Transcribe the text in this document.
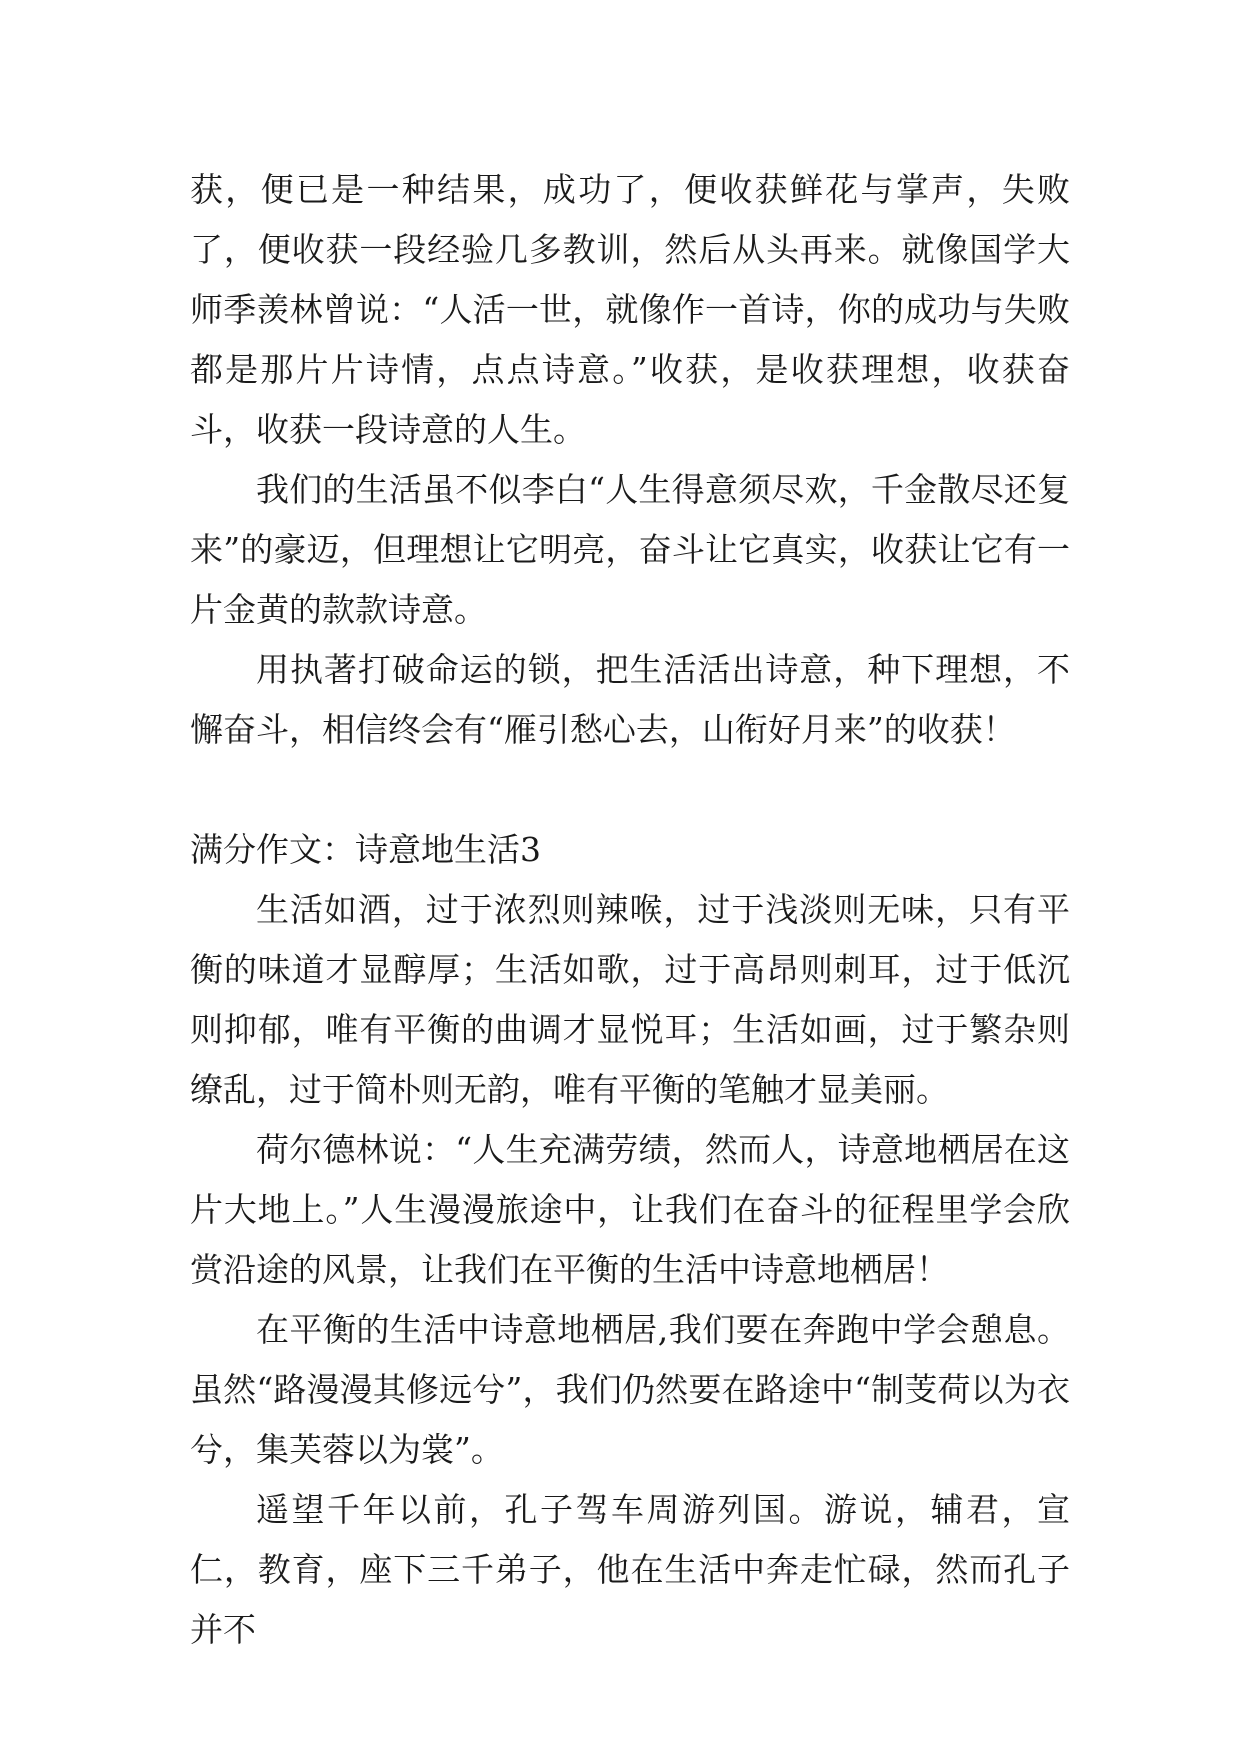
获，便已是一种结果，成功了，便收获鲜花与掌声，失败了，便收获一段经验几多教训，然后从头再来。就像国学大师季羡林曾说：“人活一世，就像作一首诗，你的成功与失败都是那片片诗情，点点诗意。”收获，是收获理想，收获奋斗，收获一段诗意的人生。

我们的生活虽不似李白“人生得意须尽欢，千金散尽还复来”的豪迈，但理想让它明亮，奋斗让它真实，收获让它有一片金黄的款款诗意。

用执著打破命运的锁，把生活活出诗意，种下理想，不懈奋斗，相信终会有“雁引愁心去，山衔好月来”的收获！

满分作文：诗意地生活3

生活如酒，过于浓烈则辣喉，过于浅淡则无味，只有平衡的味道才显醇厚；生活如歌，过于高昂则刺耳，过于低沉则抑郁，唯有平衡的曲调才显悦耳；生活如画，过于繁杂则缭乱，过于简朴则无韵，唯有平衡的笔触才显美丽。

荷尔德林说：“人生充满劳绩，然而人，诗意地栖居在这片大地上。”人生漫漫旅途中，让我们在奋斗的征程里学会欣赏沿途的风景，让我们在平衡的生活中诗意地栖居！

在平衡的生活中诗意地栖居,我们要在奔跑中学会憩息。虽然“路漫漫其修远兮”，我们仍然要在路途中“制芰荷以为衣兮，集芙蓉以为裳”。

遥望千年以前，孔子驾车周游列国。游说，辅君，宣仁，教育，座下三千弟子，他在生活中奔走忙碌，然而孔子并不
